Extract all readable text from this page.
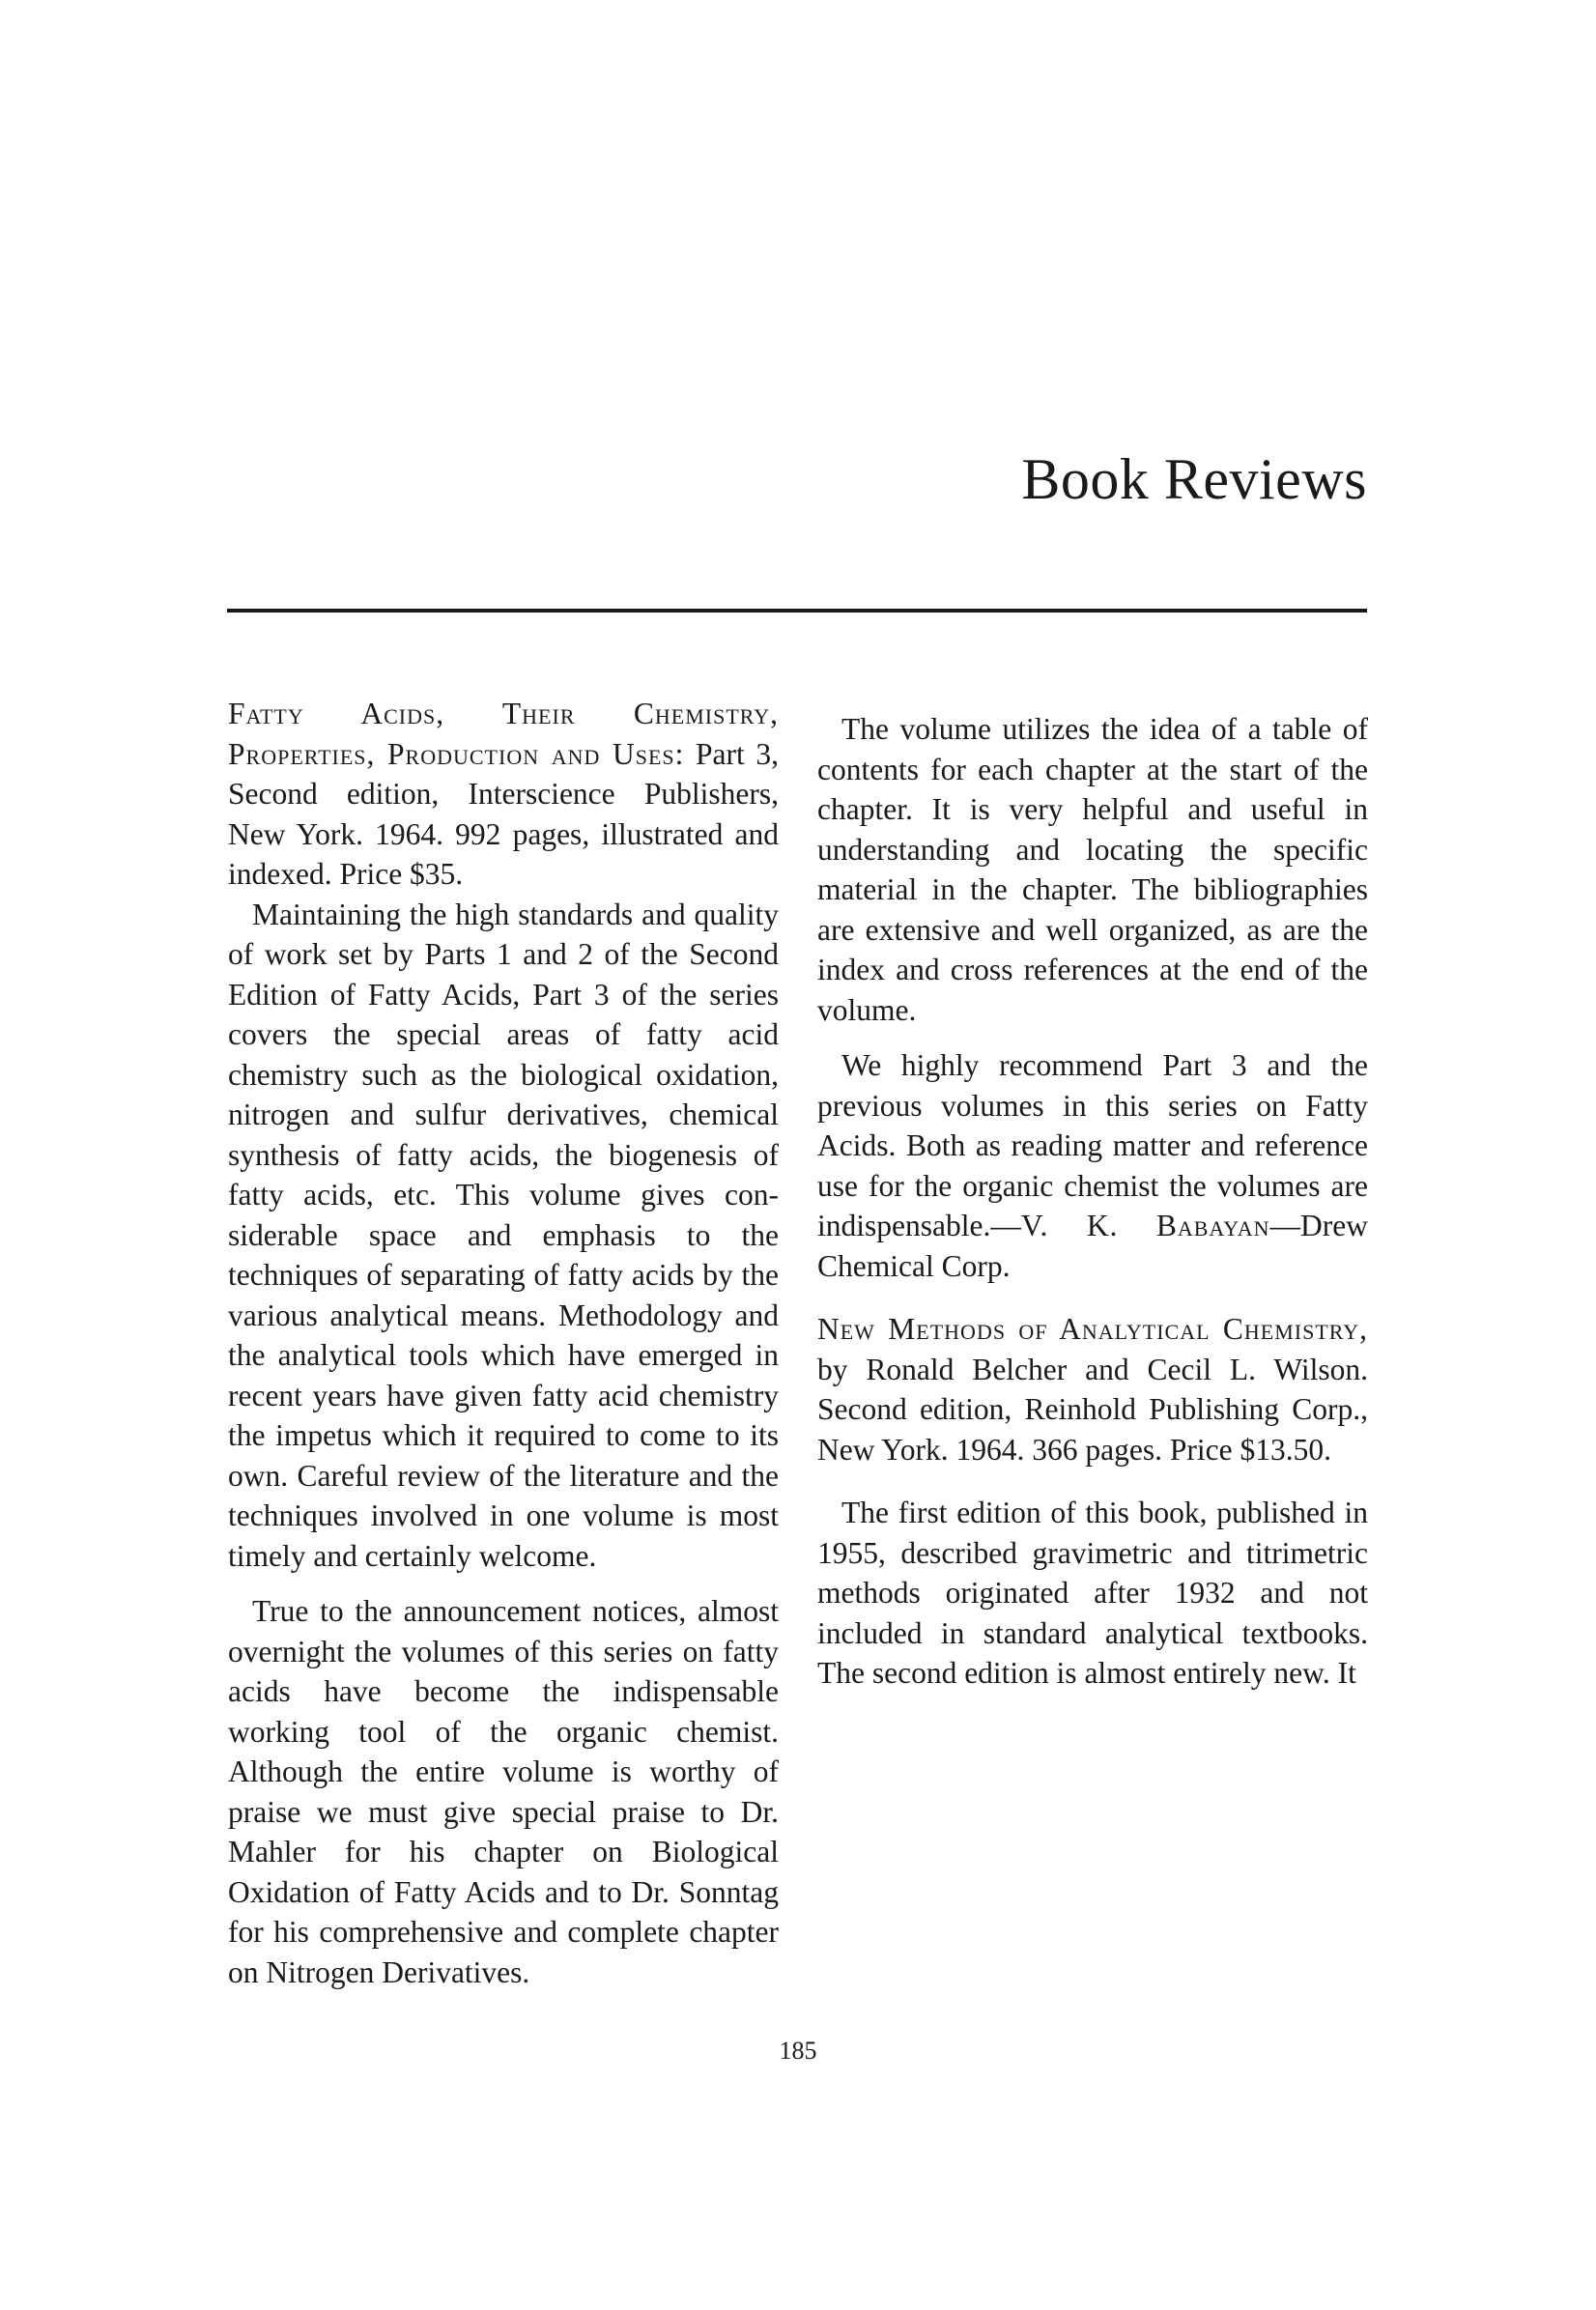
Book Reviews

Fatty Acids, Their Chemistry, Properties, Production and Uses: Part 3, Second edition, Interscience Publishers, New York. 1964. 992 pages, illustrated and indexed. Price $35.

Maintaining the high standards and quality of work set by Parts 1 and 2 of the Second Edition of Fatty Acids, Part 3 of the series covers the special areas of fatty acid chemistry such as the biological oxidation, nitrogen and sulfur derivatives, chemical synthesis of fatty acids, the biogenesis of fatty acids, etc. This volume gives considerable space and emphasis to the techniques of separating of fatty acids by the various analytical means. Methodology and the analytical tools which have emerged in recent years have given fatty acid chemistry the impetus which it required to come to its own. Careful review of the literature and the techniques involved in one volume is most timely and certainly welcome.

True to the announcement notices, almost overnight the volumes of this series on fatty acids have become the indispensable working tool of the organic chemist. Although the entire volume is worthy of praise we must give special praise to Dr. Mahler for his chapter on Biological Oxidation of Fatty Acids and to Dr. Sonntag for his comprehensive and complete chapter on Nitrogen Derivatives.

The volume utilizes the idea of a table of contents for each chapter at the start of the chapter. It is very helpful and useful in understanding and locating the specific material in the chapter. The bibliographies are extensive and well organized, as are the index and cross references at the end of the volume.

We highly recommend Part 3 and the previous volumes in this series on Fatty Acids. Both as reading matter and reference use for the organic chemist the volumes are indispensable.—V. K. Babayan—Drew Chemical Corp.

New Methods of Analytical Chemistry, by Ronald Belcher and Cecil L. Wilson. Second edition, Reinhold Publishing Corp., New York. 1964. 366 pages. Price $13.50.

The first edition of this book, published in 1955, described gravimetric and titrimetric methods originated after 1932 and not included in standard analytical textbooks. The second edition is almost entirely new. It

185
